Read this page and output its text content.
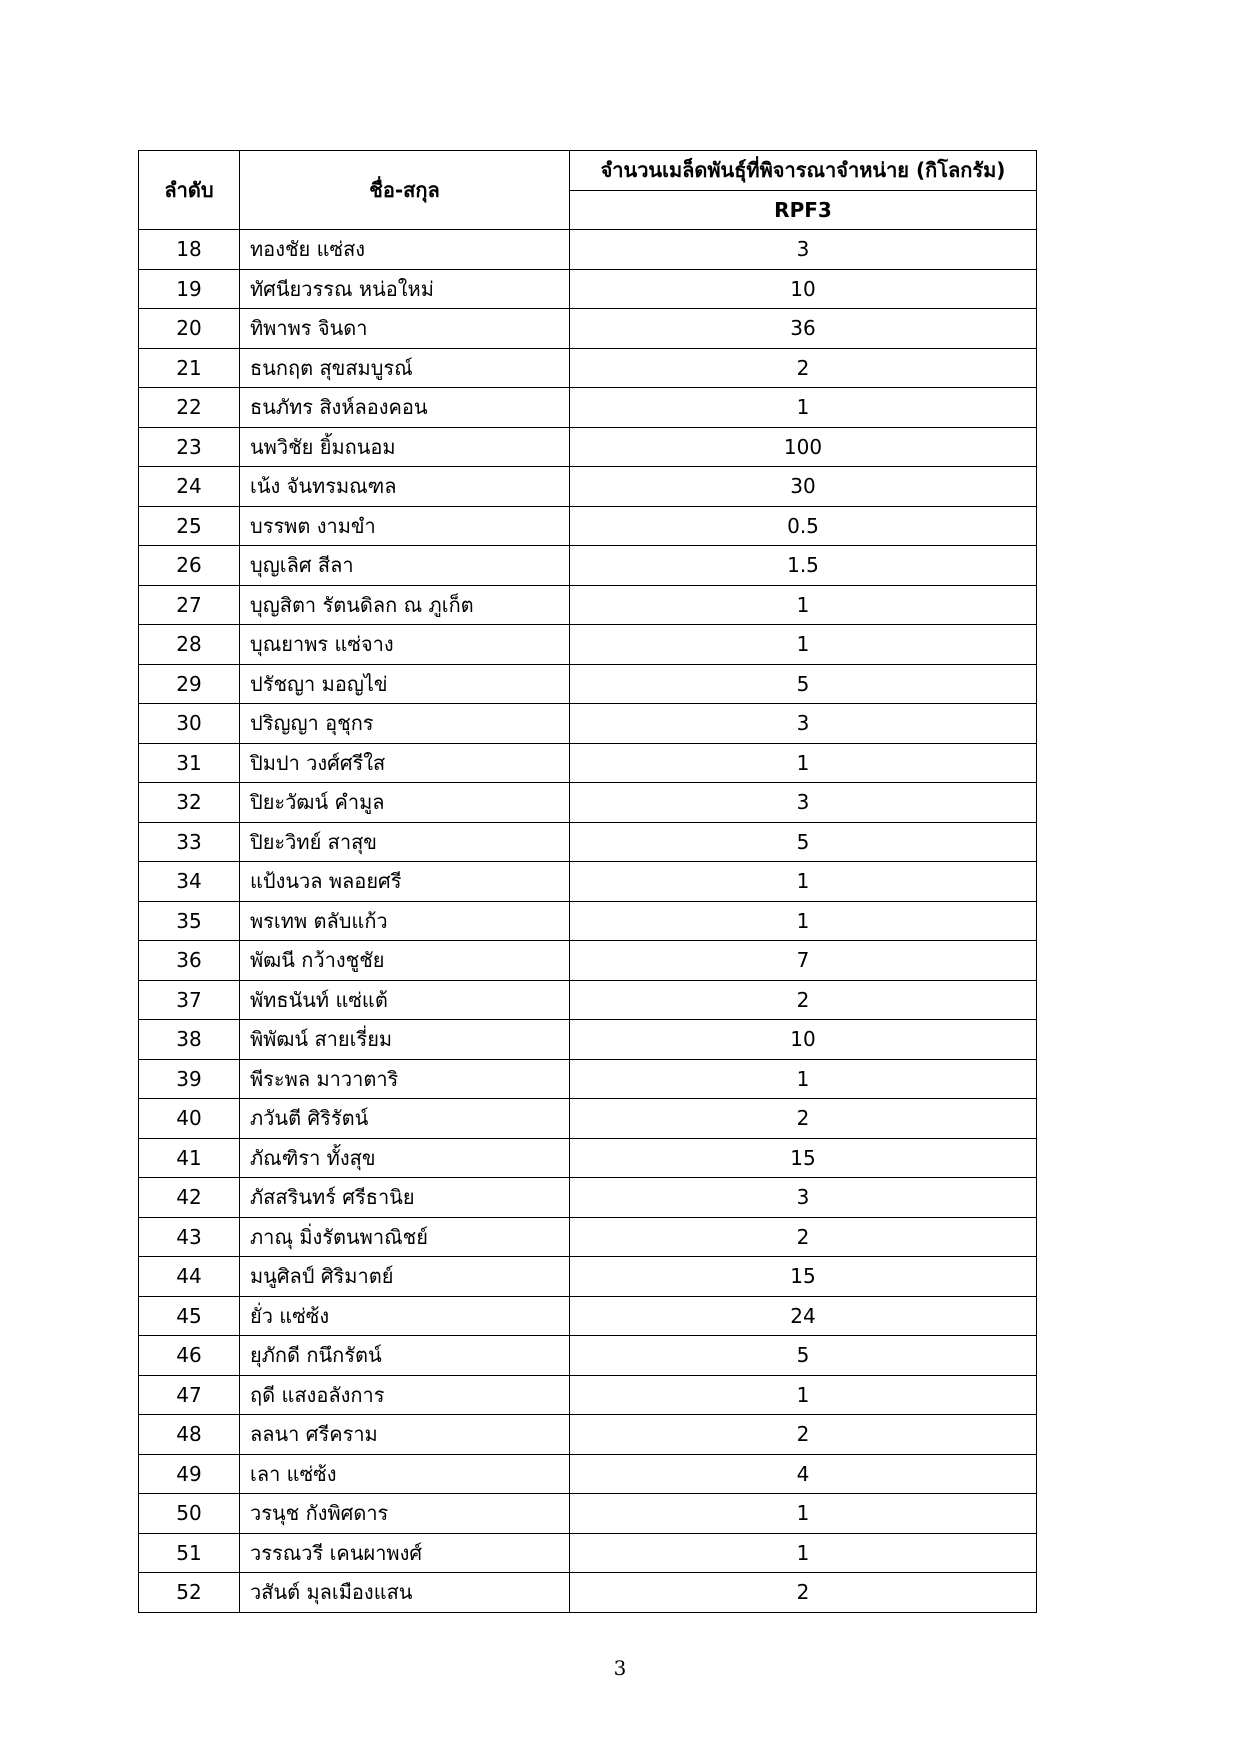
ลำดับ	ชื่อ-สกุล	จำนวนเมล็ดพันธุ์ที่พิจารณาจำหน่าย (กิโลกรัม)
		RPF3
18	ทองชัย แซ่สง	3
19	ทัศนียวรรณ หน่อใหม่	10
20	ทิพาพร จินดา	36
21	ธนกฤต สุขสมบูรณ์	2
22	ธนภัทร สิงห์ลองคอน	1
23	นพวิชัย ยิ้มถนอม	100
24	เน้ง จันทรมณฑล	30
25	บรรพต งามขำ	0.5
26	บุญเลิศ สีลา	1.5
27	บุญสิตา รัตนดิลก ณ ภูเก็ต	1
28	บุณยาพร แซ่จาง	1
29	ปรัชญา มอญไข่	5
30	ปริญญา อุชุกร	3
31	ปิมปา วงศ์ศรีใส	1
32	ปิยะวัฒน์ คำมูล	3
33	ปิยะวิทย์ สาสุข	5
34	แป้งนวล พลอยศรี	1
35	พรเทพ ตลับแก้ว	1
36	พัฒนี กว้างชูชัย	7
37	พัทธนันท์ แซ่แต้	2
38	พิพัฒน์ สายเรี่ยม	10
39	พีระพล มาวาตาริ	1
40	ภวันตี ศิริรัตน์	2
41	ภัณฑิรา ทั้งสุข	15
42	ภัสสรินทร์ ศรีธานิย	3
43	ภาณุ มิ่งรัตนพาณิชย์	2
44	มนูศิลป์ ศิริมาตย์	15
45	ยั่ว แซ่ซ้ง	24
46	ยุภักดี กนึกรัตน์	5
47	ฤดี แสงอลังการ	1
48	ลลนา ศรีคราม	2
49	เลา แซ่ซ้ง	4
50	วรนุช กังพิศดาร	1
51	วรรณวรี เคนผาพงศ์	1
52	วสันต์ มุลเมืองแสน	2
3
